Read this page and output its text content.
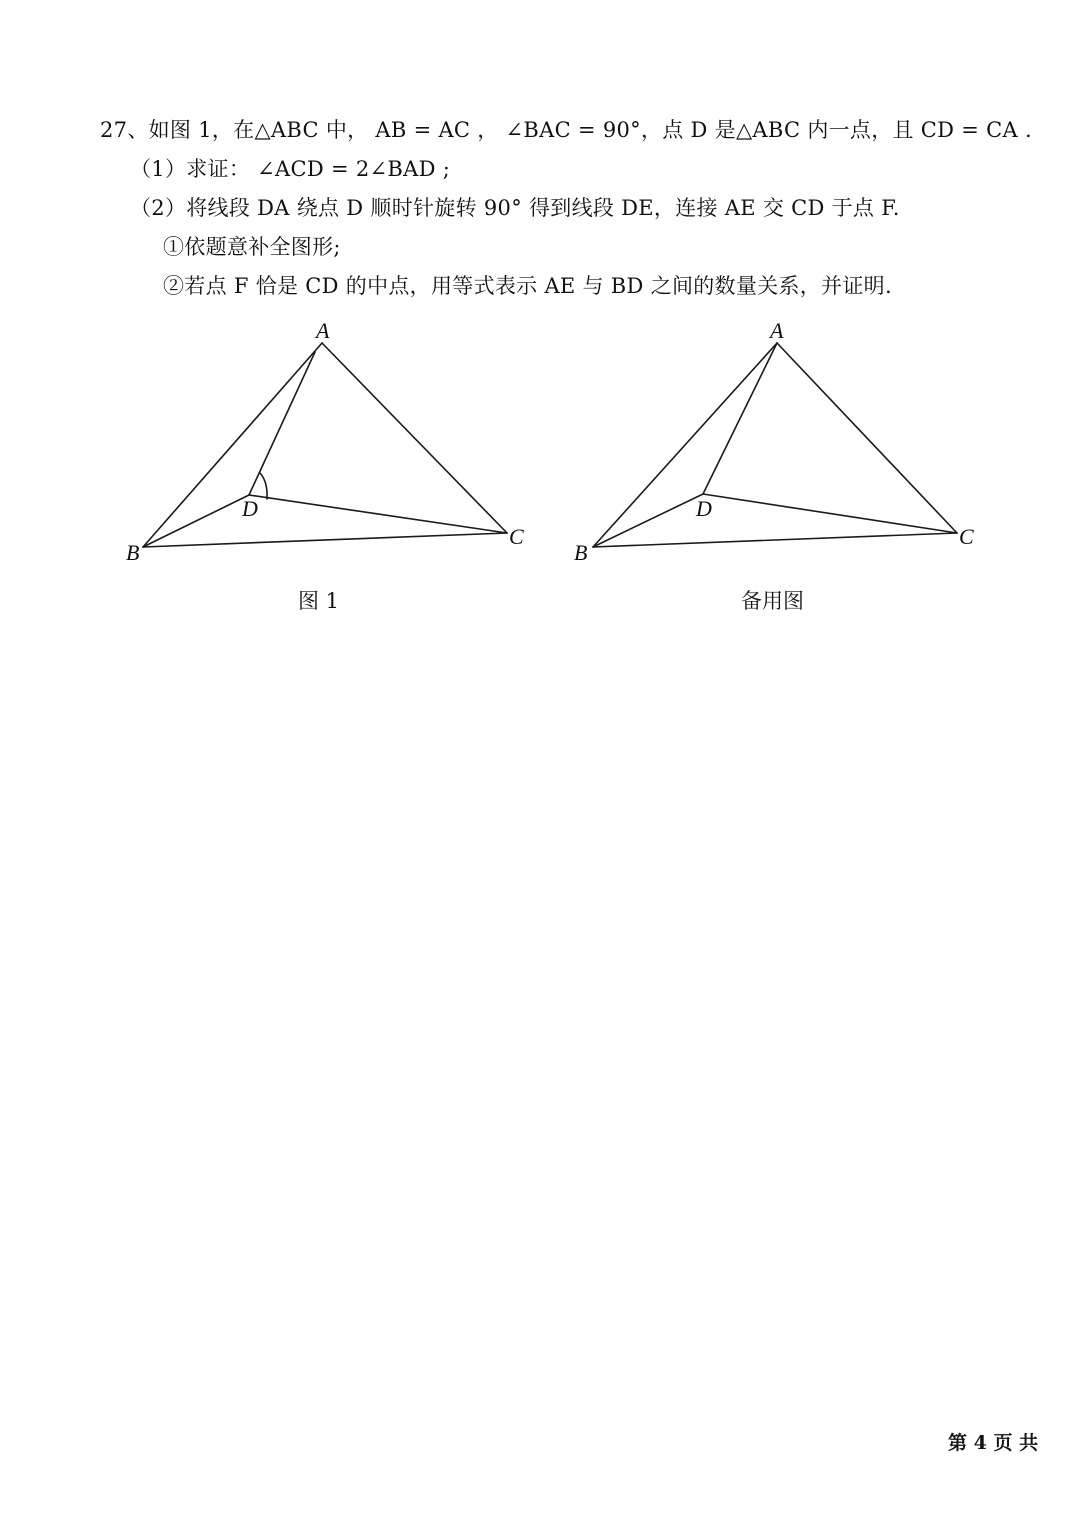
27、如图 1，在△ABC 中， AB = AC ， ∠BAC = 90°，点 D 是△ABC 内一点，且 CD = CA .
（1）求证： ∠ACD = 2∠BAD ;
（2）将线段 DA 绕点 D 顺时针旋转 90° 得到线段 DE，连接 AE 交 CD 于点 F.
①依题意补全图形;
②若点 F 恰是 CD 的中点，用等式表示 AE 与 BD 之间的数量关系，并证明.
A
B
C
D
A
B
C
D
图 1	备用图
第 4 页 共
